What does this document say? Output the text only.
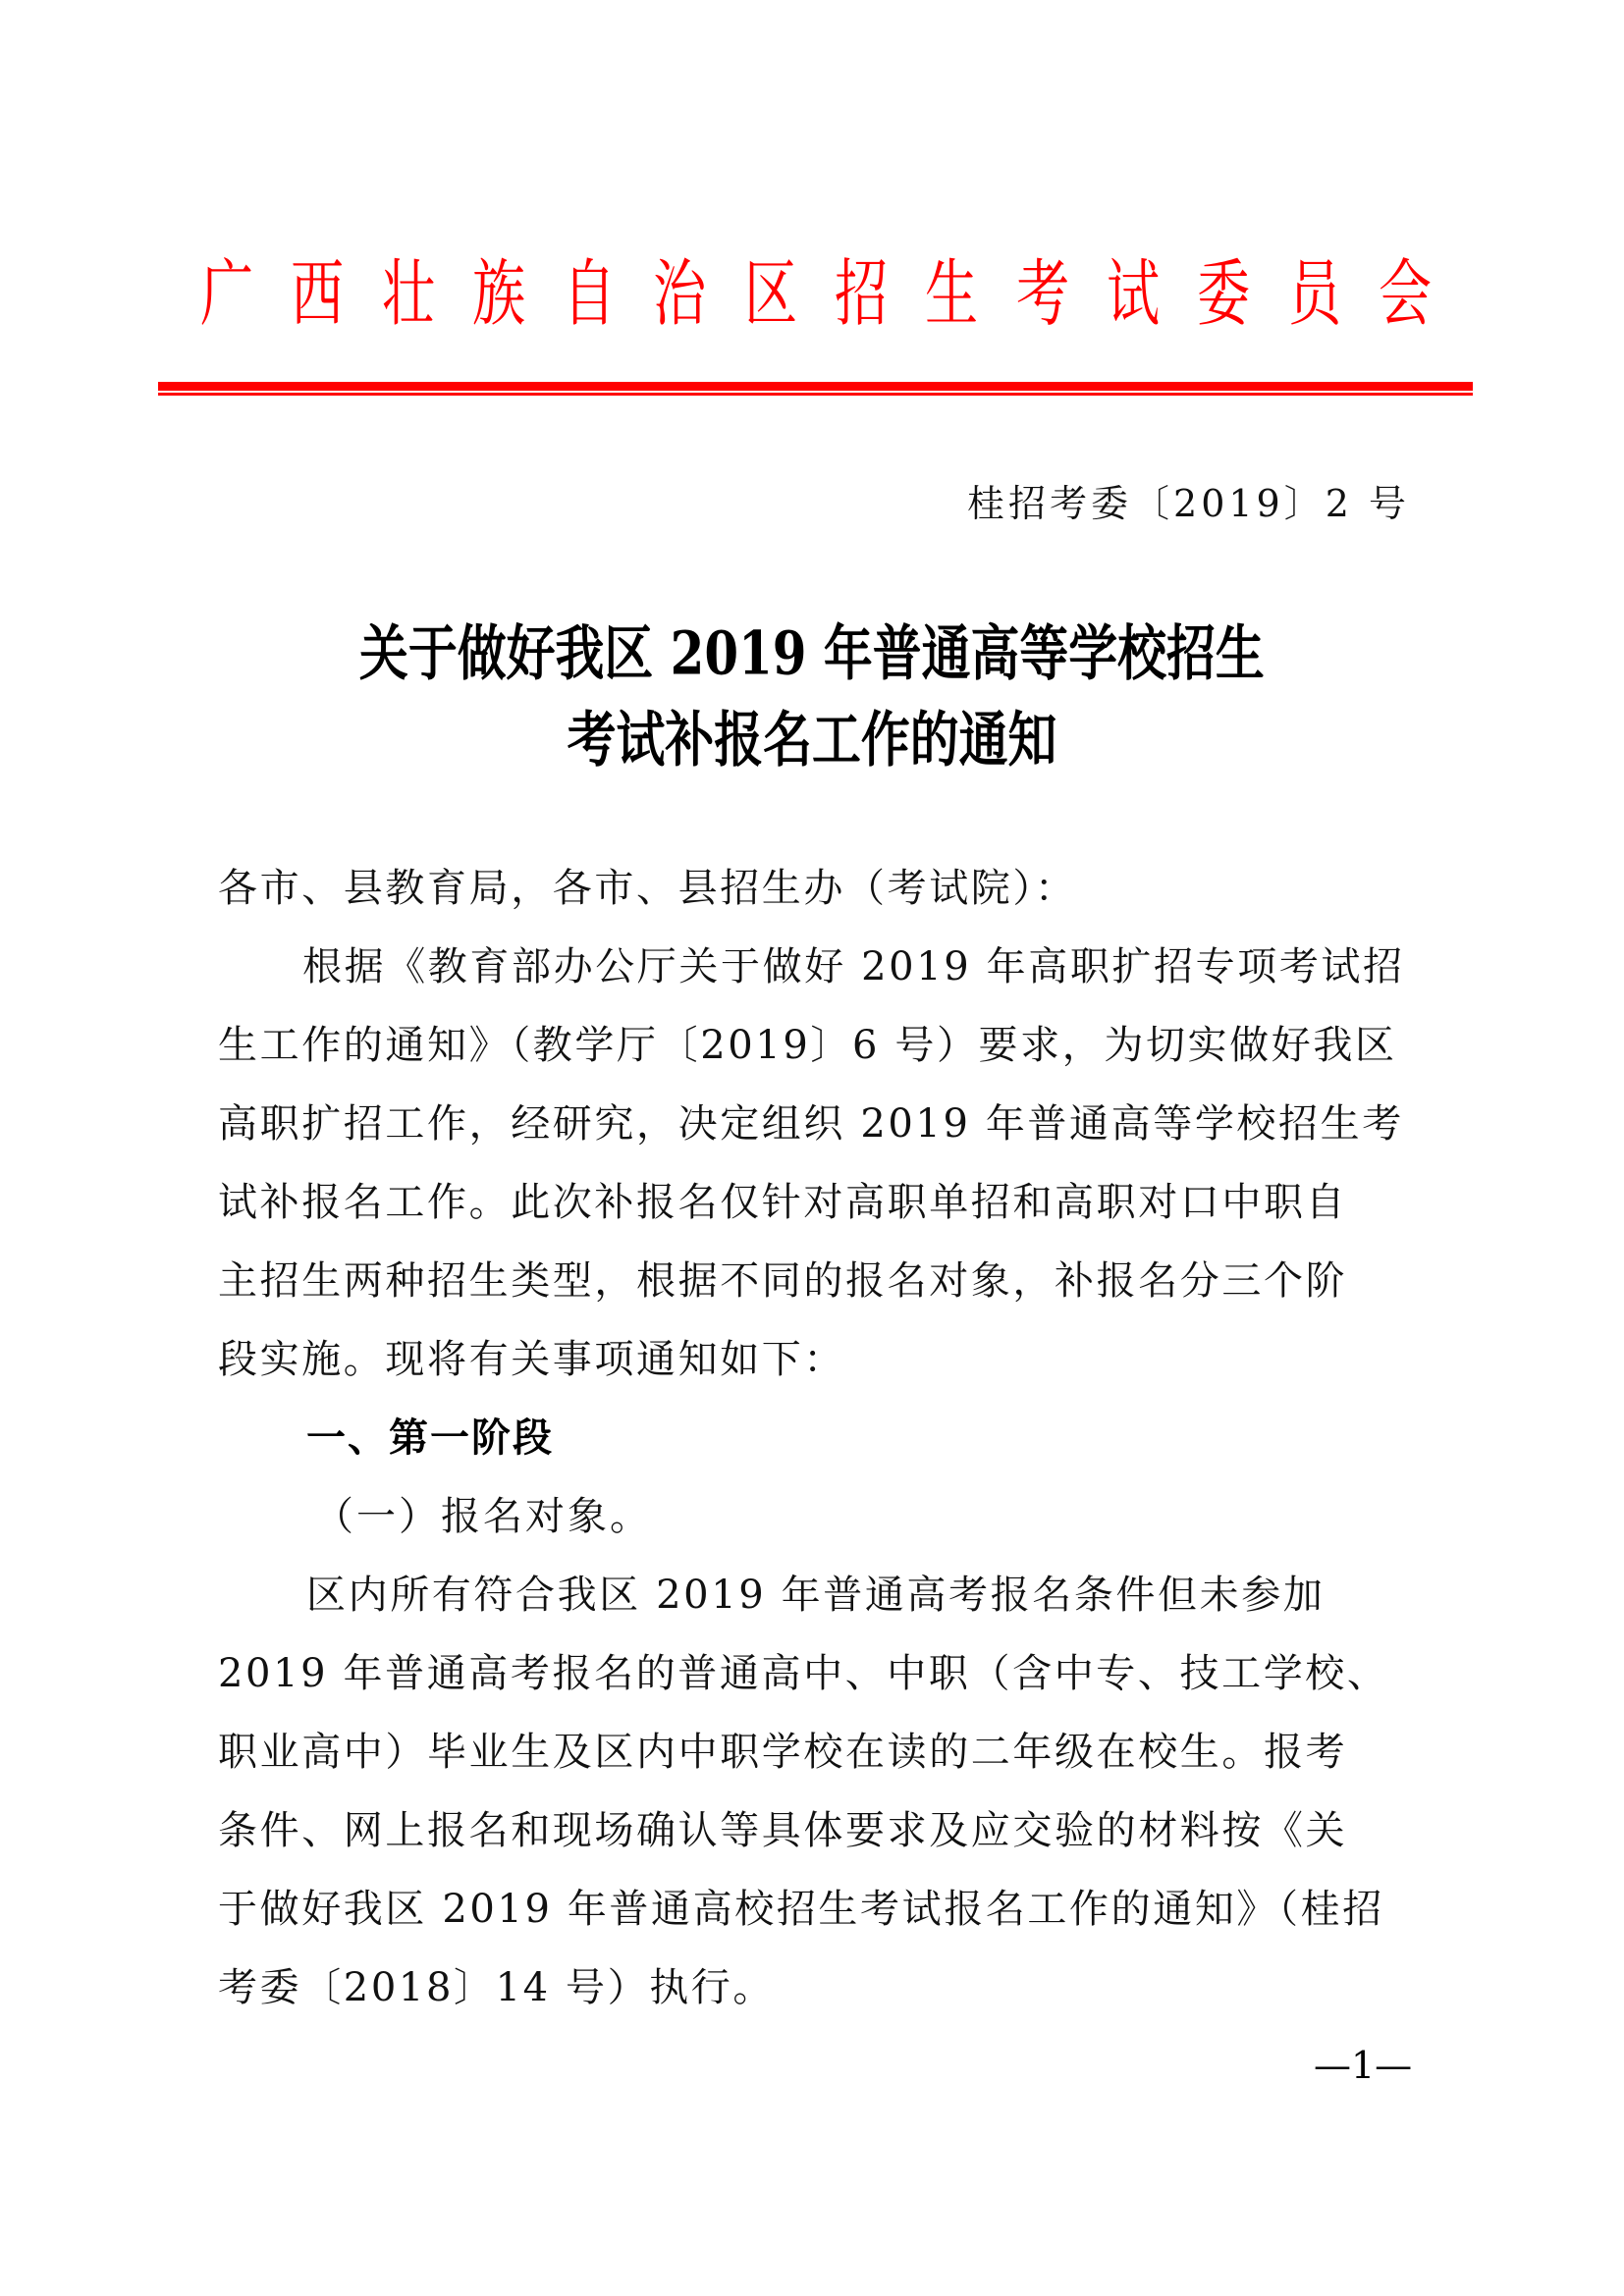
广 西 壮 族 自 治 区 招 生 考 试 委 员 会
桂招考委〔2019〕2 号
关于做好我区 2019 年普通高等学校招生
考试补报名工作的通知
各市、县教育局，各市、县招生办（考试院）：
根据《教育部办公厅关于做好 2019 年高职扩招专项考试招
生工作的通知》（教学厅〔2019〕6 号）要求，为切实做好我区
高职扩招工作，经研究，决定组织 2019 年普通高等学校招生考
试补报名工作。此次补报名仅针对高职单招和高职对口中职自
主招生两种招生类型，根据不同的报名对象，补报名分三个阶
段实施。现将有关事项通知如下：
一、第一阶段
（一）报名对象。
区内所有符合我区 2019 年普通高考报名条件但未参加
2019 年普通高考报名的普通高中、中职（含中专、技工学校、
职业高中）毕业生及区内中职学校在读的二年级在校生。报考
条件、网上报名和现场确认等具体要求及应交验的材料按《关
于做好我区 2019 年普通高校招生考试报名工作的通知》（桂招
考委〔2018〕14 号）执行。
—1—
